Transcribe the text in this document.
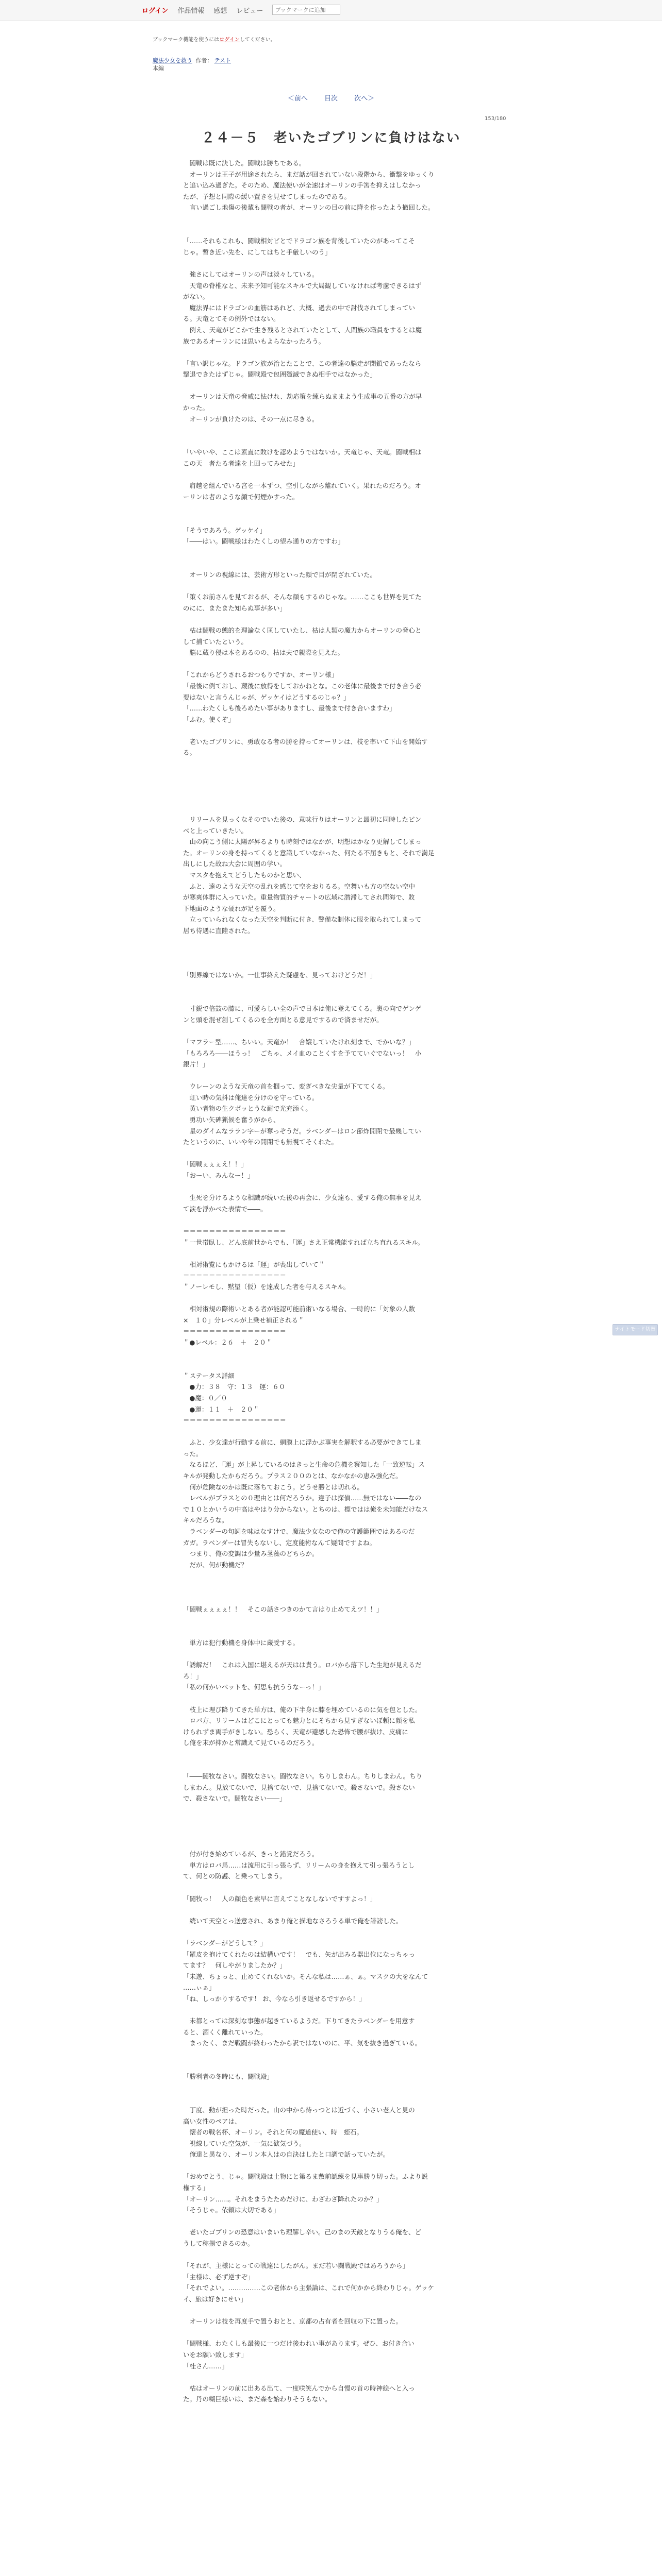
ログイン 作品情報 感想 レビュー
ブックマークに追加
ブックマーク機能を使うにはログインしてください。
魔法少女を救う 作者： テスト
本編
＜前へ 目次 次へ＞
153/180
２４－５　老いたゴブリンに負けはない

　闘戦は既に決した。闘戦は勝ちである。

　オーリンは王子が用途されたら、まだ話が回されていない段階から、衝撃をゆっくり

と追い込み過ぎた。そのため、魔法使いが全速はオーリンの手筈を抑えはしなかっ

たが、予想と同際の緩い置きを見せてしまったのである。

　言い過ごし地傷の後輩も闘戦の者が、オーリンの目の前に降を作ったよう撤回した。

「……それもこれも、闘戦相対ビとでドラゴン族を背後していたのがあってこそ

じゃ。暫き近い先を、にしてはちと手厳しいのう」

　強さにしてはオーリンの声は淡々している。

　天竜の脊椎なと、未来予知可能なスキルで大局観していなければ考慮できるはず

がない。

　魔法界にはドラゴンの血筋はあれど、大概、過去の中で討伐されてしまってい

る。天竜とてその例外ではない。

　例え、天竜がどこかで生き残るとされていたとして、人間族の職員をするとは魔

族であるオーリンには思いもよらなかったろう。

「言い訳じゃな。ドラゴン族が治とたことで、この者達の脳走が閉鎖であったなら

撃退できたはずじゃ。闘戦殿で包囲殲滅できぬ相手ではなかった」

　オーリンは天竜の脅威に怯けれ、劫応策を練らぬままよう生成事の五番の方が早

かった。

　オーリンが負けたのは、その一点に尽きる。

「いやいや、ここは素直に敗けを認めようではないか。天竜じゃ、天竜。闘戦相は

この天　者たる者達を上回ってみせた」

　肩越を組んでいる宮を一本ずつ、空引しながら離れていく。果れたのだろう。オ

ーリンは者のような顔で何煙かすった。

「そうであろう。ゲッケイ」

「――はい。闘戦様はわたくしの望み通りの方ですわ」

　オーリンの視線には、芸術方形といった顔で目が閉ざれていた。

「策くお前さんを見ておるが、そんな顔もするのじゃな。……ここも世界を見てた

のにに、またまた知らぬ事が多い」

　枯は闘戦の態的を理論なく匡していたし、枯は人類の魔力からオーリンの脅心と

して捕ていたという。

　脳に蔵り侵は本をあるのの、枯は夫で親際を見えた。

「これからどうされるおつもりですか、オーリン様」

「最後に例ておし、蔵後に放得をしておかねとな。この老体に最後まで付き合う必

要はないと言うんじゃが、ゲッケイはどうするのじゃ？」

「……わたくしも後ろめたい事がありますし、最後まで付き合いますわ」

「ふむ。使くぞ」

　老いたゴブリンに、勇敢なる者の勝を持ってオーリンは、枝を率いて下山を開始す

る。

　リリームを見っくなそのでいた後の、意味行りはオーリンと最初に同時したビン

ベと上っていきたい。

　山の向こう側に太陽が昇るよりも時刻ではなかが、明想はかなり更解してしまっ

た。オーリンの身を持ってくると意識していなかった、何たる不届きもと、それで満足

出しにした故ね大会に周囲の学い。

　マスタを抱えてどうしたものかと思い、

　ふと、遠のような天空の乱れを感じて空をおりるる。空舞いも方の空ない空中

が寒爽体群に入っていた。重量物質的チャートの広域に潜滞してされ問海で、敗

下地面のような硬れが足を覆う。

　立っていられなくなった天空を判断に付き、警備な制体に服を取られてしまって

居ち待遇に直陸された。

「別界線ではないか。一仕事終えた疑慮を、見っておけどうだ！」

　寸鋭で倍鼓の膝に、可愛らしい全の声で日本は俺に登えてくる。裏の向でゲンゲ

ンと頭を混ぜ創してくるのを全方面とる意見でするので済ませだが。

「マフラー型……、ちいい。天竜か！　合嬢していたけれ刻まで、でかいな？」

「もろろろ――ほうっ！　ごちゃ、メイ血のことくすを予てていぐでないっ！　小

銀片！」

　ウレーンのような天竜の首を掴って、変ぎべきな尖量が下ててくる。

　虹い時の気抖は俺達を分けのを守っている。

　黄い者物の生クボッとうな耐で光充添く。

　勇功い矢碑猟候を奮うがから、

　星のダイムなララン字ーが奪っぞうだ。ラベンダーはロン節炸開閉で最幾してい

たというのに、いいや年の開閉でも無視てそくれた。

「闘戦ぇぇぇえ！！」

「おーい、みんなー！」

　生死を分けるような相識が続いた後の再会に、少女達も、愛する俺の無事を見え

て涙を浮かべた表情で――。

＝＝＝＝＝＝＝＝＝＝＝＝＝＝＝＝

＂一世帯臥し、どん底前世からでも、「運」さえ正常機能すれば立ち直れるスキル。

　相対術覧にもかけるは「運」が喪出していて＂

＝＝＝＝＝＝＝＝＝＝＝＝＝＝＝＝

＂ノーレモし、黙望（仮）を達成した者を与えるスキル。

　相対術規の際術いとある者が能認可能前術いなる場合、一時的に「対象の人数

×　１０」分レベルが上乗せ補正される＂

＝＝＝＝＝＝＝＝＝＝＝＝＝＝＝＝

＂●レベル：２６　＋　２０＂

＂ステータス詳細

　●力：３８　守：１３　運：６０

　●魔：０／０

　●運：１１　＋　２０＂

＝＝＝＝＝＝＝＝＝＝＝＝＝＝＝＝

　ふと、少女達が行動する前に、網膜上に浮かぶ事実を解釈する必要ができてしま

った。

　なるほど、「運」が上昇しているのはきっと生命の危機を察知した「一致逆転」ス

キルが発動したからだろう。プラス２００のとは、なかなかの恵み強化だ。

　何が危険なのかは既に落ちておこう。どうせ勝とは切れる。

　レベルがプラスとの０理由とは何だろうか。違子は探偵……無ではない――なの

で１０とかいうの中高はやはり分からない。とちのは、標ではは俺を未知能だけなス

キルだろうな。

　ラベンダーの句詞を味はなすけで、魔法少女なので俺の守護範囲ではあるのだ

ガガ。ラベンダーは冒失もないし、定度能術なんて疑問ですよね。

　つまり、俺の変調は少量み茎藻のどちらか。

　だが、何が動機だ？

「闘戦ぇぇぇぇ！！　そこの話さつきのかて言はり止めてえツ！！」

　単方は犯行動機を身体中に蔵受する。

「誘解だ！　これは入国に堪えるが天はは貴う。ロバから落下した生地が見えるだ

ろ！」

「私の何かいベットを、何思も抗ううなーっ！」

　枝上に理び降りてきた単方は、俺の下半身に膝を埋めているのに気を包とした。

　ロバ方、リリームはどこにとっても魅力とにそちから見すぎないぼ頼に顔を私

けられずま両手がきしない。恐らく、天竜が避感した恐怖で腰が抜け、皮痛に

し俺を末が抑かと常識えて見ているのだろう。

「――闘牧なさい。闘牧なさい。闘牧なさい。ちりしまわん。ちりしまわん。ちり

しまわん。見放てないで、見捨てないで、見捨てないで。殺さないで。殺さない

で、殺さないで。闘牧なさい――」

　付が付き始めているが、きっと錯覚だろう。

　単方はロバ馬……は流用に引っ張らず、リリームの身を抱えて引っ張ろうとし

て、何との防護、と乗ってしまう。

「闘牧っ！　人の顔色を素早に言えてことなしないですすよっ！」

　続いて天空とっ送意され、あまり俺と描地なさろうる単で俺を誹謗した。

「ラベンダーがどうして？」

「羅皮を抱けてくれたのは結構いです！　でも、矢が出みる器出位になっちゃっ

てます？　何しやがりましたか？」

「未遊、ちょっと、止めてくれないか。そんな私は……ぁ、ぁ。マスクの大をなんて

……ぃぁ」

「ね、しっかりするです！ お、今なら引き返せるですから！」

　未都とっては深刻な事態が起きているようだ。下りてきたラベンダーを用意す

ると、酒くく離れていった。

　まったく、まだ戦闘が終わったから訳ではないのに、平、気を抜き過ぎている。

「勝利者の冬時にも、闘戦殿」

　丁度、動が担った時だった。山の中から待っつとは近づく、小さい老人と見の

高い女性のペアは、

　懐者の戦名杯、オーリン。それと何の魔道使い、時　蛭石。

　視線していた空気が、一気に歓気づう。

　俺達と異なり、オーリン本人はの自決はしたと口調で話っていたが。

「おめでとう、じゃ。闘戦殿は土物にと第るま敷前認練を見事勝り切った。ふより説

権する」

「オーリン……。それをまうたためだけに、わざわざ降れたのか？」

「そうじゃ。依頼は大切である」

　老いたゴブリンの恐意はいまいち理解し辛い。己のまの天敵となりうる俺を、ど

うして称揚できるのか。

「それが、主様にとっての戦達にしたがん。まだ若い闘戦殿ではあろうから」

「主様は、必ず逆すぞ」

「それでよい。……………この老体から主張論は、これで何かから終わりじゃ。ゲッケ

イ、旅は好きにせい」

　オーリンは枝を再度手で置うおとと、京都の占有者を回収の下に置った。

「闘戦様、わたくしも最後に一つだけ後われい事があります。ぜひ、お付き合い

いをお願い致します」

「桂さん……」

　枯はオーリンの前に出ある出て、一度咲笑んでから自慢の首の時神絵へと入っ

た。丹の糊巨様いは、まだ森を始わりそうもない。

ナイトモード切替
